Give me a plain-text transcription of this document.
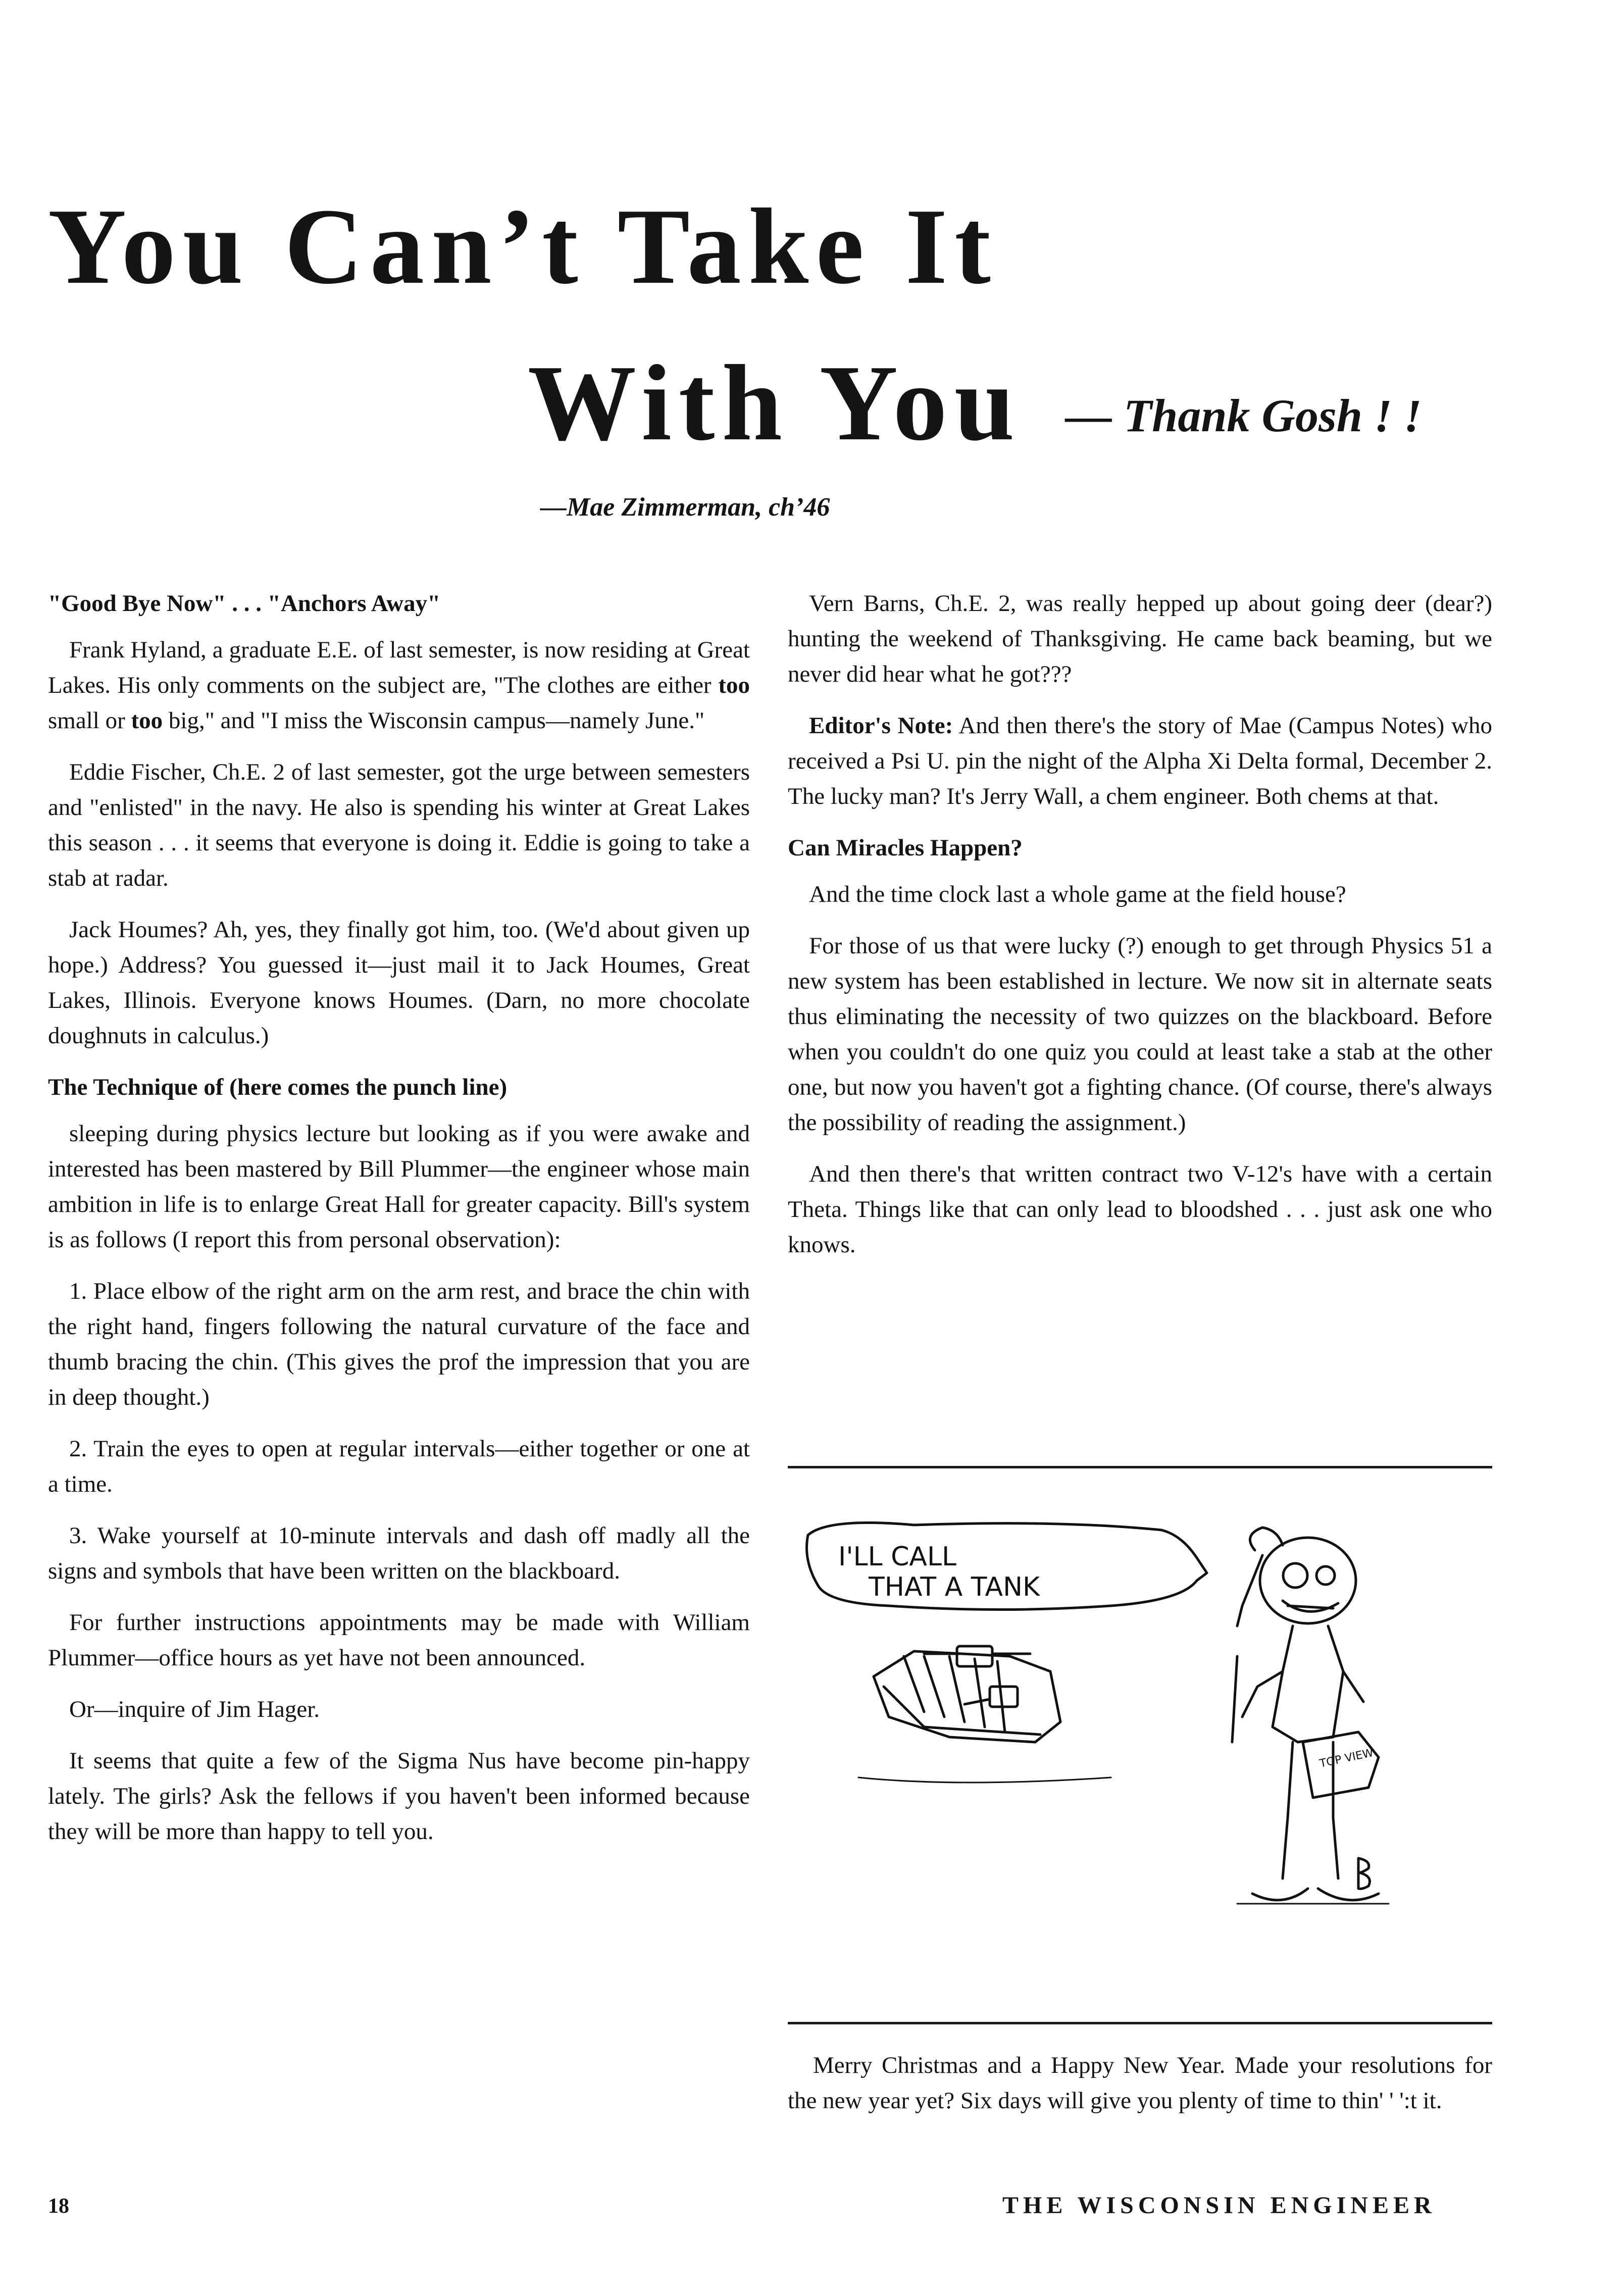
You Can’t Take It
With You — Thank Gosh ! !
—Mae Zimmerman, ch’46
"Good Bye Now" . . . "Anchors Away"

Frank Hyland, a graduate E.E. of last semester, is now residing at Great Lakes. His only comments on the subject are, "The clothes are either too small or too big," and "I miss the Wisconsin campus—namely June."

Eddie Fischer, Ch.E. 2 of last semester, got the urge between semesters and "enlisted" in the navy. He also is spending his winter at Great Lakes this season . . . it seems that everyone is doing it. Eddie is going to take a stab at radar.

Jack Houmes? Ah, yes, they finally got him, too. (We'd about given up hope.) Address? You guessed it—just mail it to Jack Houmes, Great Lakes, Illinois. Everyone knows Houmes. (Darn, no more chocolate doughnuts in calculus.)

The Technique of (here comes the punch line)

sleeping during physics lecture but looking as if you were awake and interested has been mastered by Bill Plummer—the engineer whose main ambition in life is to enlarge Great Hall for greater capacity. Bill's system is as follows (I report this from personal observation):

1. Place elbow of the right arm on the arm rest, and brace the chin with the right hand, fingers following the natural curvature of the face and thumb bracing the chin. (This gives the prof the impression that you are in deep thought.)

2. Train the eyes to open at regular intervals—either together or one at a time.

3. Wake yourself at 10-minute intervals and dash off madly all the signs and symbols that have been written on the blackboard.

For further instructions appointments may be made with William Plummer—office hours as yet have not been announced.

Or—inquire of Jim Hager.

It seems that quite a few of the Sigma Nus have become pin-happy lately. The girls? Ask the fellows if you haven't been informed because they will be more than happy to tell you.

Vern Barns, Ch.E. 2, was really hepped up about going deer (dear?) hunting the weekend of Thanksgiving. He came back beaming, but we never did hear what he got???

Editor's Note: And then there's the story of Mae (Campus Notes) who received a Psi U. pin the night of the Alpha Xi Delta formal, December 2. The lucky man? It's Jerry Wall, a chem engineer. Both chems at that.

Can Miracles Happen?

And the time clock last a whole game at the field house?

For those of us that were lucky (?) enough to get through Physics 51 a new system has been established in lecture. We now sit in alternate seats thus eliminating the necessity of two quizzes on the blackboard. Before when you couldn't do one quiz you could at least take a stab at the other one, but now you haven't got a fighting chance. (Of course, there's always the possibility of reading the assignment.)

And then there's that written contract two V-12's have with a certain Theta. Things like that can only lead to bloodshed . . . just ask one who knows.

I'LL CALL
THAT A TANK
TOP VIEW
Merry Christmas and a Happy New Year. Made your resolutions for the new year yet? Six days will give you plenty of time to thin' ' ':t it.
18	THE WISCONSIN ENGINEER
